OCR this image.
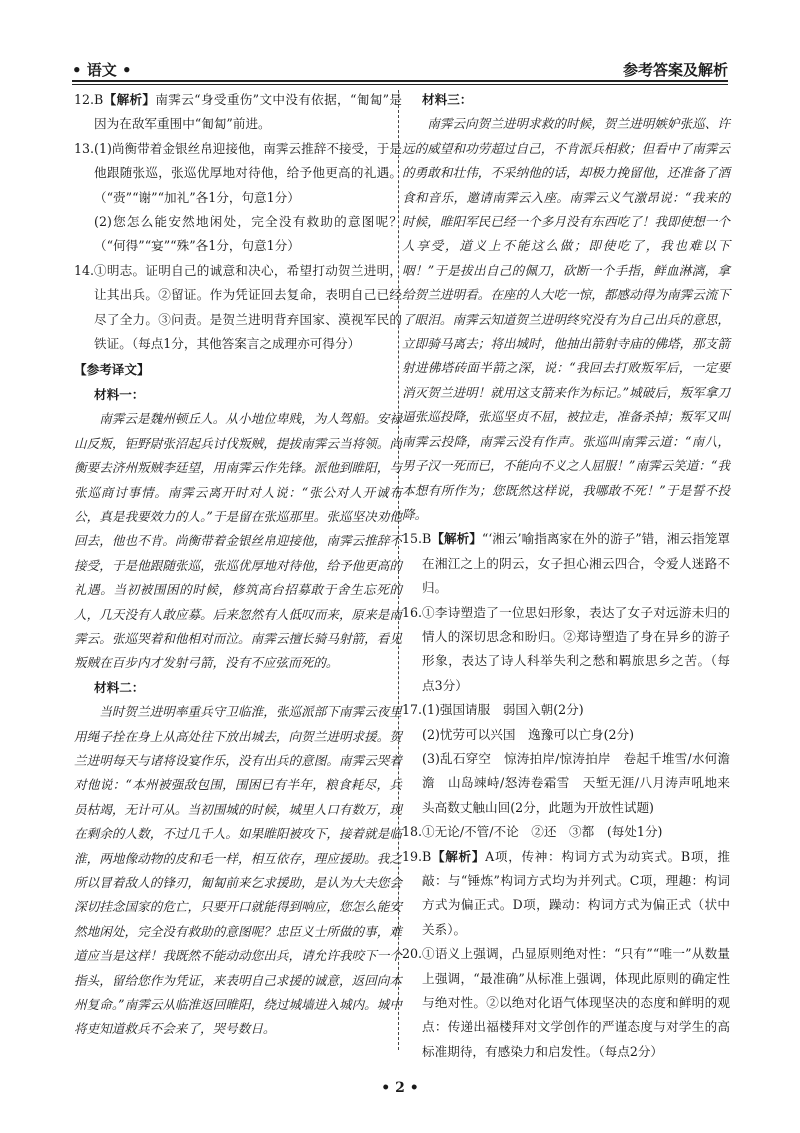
• 语文 •	参考答案及解析
12. B【解析】南霁云“身受重伤”文中没有依据，“匍匐”是因为在敌军重围中“匍匐”前进。
13. (1)尚衡带着金银丝帛迎接他，南霁云推辞不接受，于是他跟随张巡，张巡优厚地对待他，给予他更高的礼遇。（“赍”“谢”“加礼”各1分，句意1分）
(2)您怎么能安然地闲处，完全没有救助的意图呢？（“何得”“宴”“殊”各1分，句意1分）
14. ①明志。证明自己的诚意和决心，希望打动贺兰进明，让其出兵。②留证。作为凭证回去复命，表明自己已经尽了全力。③问责。是贺兰进明背弃国家、漠视军民的铁证。（每点1分，其他答案言之成理亦可得分）
【参考译文】
材料一：
南霁云是魏州顿丘人。从小地位卑贱，为人驾船。安禄山反叛，钜野尉张沼起兵讨伐叛贼，提拔南霁云当将领。尚衡要去济州叛贼李廷望，用南霁云作先锋。派他到睢阳，与张巡商讨事情。南霁云离开时对人说：“张公对人开诚布公，真是我要效力的人。”于是留在张巡那里。张巡坚决劝他回去，他也不肯。尚衡带着金银丝帛迎接他，南霁云推辞不接受，于是他跟随张巡，张巡优厚地对待他，给予他更高的礼遇。当初被围困的时候，修筑高台招募敢于舍生忘死的人，几天没有人敢应募。后来忽然有人低叹而来，原来是南霁云。张巡哭着和他相对而泣。南霁云擅长骑马射箭，看见叛贼在百步内才发射弓箭，没有不应弦而死的。
材料二：
当时贺兰进明率重兵守卫临淮，张巡派部下南霁云夜里用绳子拴在身上从高处往下放出城去，向贺兰进明求援。贺兰进明每天与诸将设宴作乐，没有出兵的意图。南霁云哭着对他说：“本州被强敌包围，围困已有半年，粮食耗尽，兵员枯竭，无计可从。当初围城的时候，城里人口有数万，现在剩余的人数，不过几千人。如果睢阳被攻下，接着就是临淮，两地像动物的皮和毛一样，相互依存，理应援助。我之所以冒着敌人的锋刃，匍匐前来乞求援助，是认为大夫您会深切挂念国家的危亡，只要开口就能得到响应，您怎么能安然地闲处，完全没有救助的意图呢？忠臣义士所做的事，难道应当是这样！我既然不能动动您出兵，请允许我咬下一个指头，留给您作为凭证，来表明自己求援的诚意，返回向本州复命。”南霁云从临淮返回睢阳，绕过城墙进入城内。城中将吏知道救兵不会来了，哭号数日。
材料三：
南霁云向贺兰进明求救的时候，贺兰进明嫉妒张巡、许远的威望和功劳超过自己，不肯派兵相救；但看中了南霁云的勇敢和壮伟，不采纳他的话，却极力挽留他，还准备了酒食和音乐，邀请南霁云入座。南霁云义气激昂说：“我来的时候，睢阳军民已经一个多月没有东西吃了！我即使想一个人享受，道义上不能这么做；即使吃了，我也难以下咽！”于是拔出自己的佩刀，砍断一个手指，鲜血淋漓，拿给贺兰进明看。在座的人大吃一惊，都感动得为南霁云流下了眼泪。南霁云知道贺兰进明终究没有为自己出兵的意思，立即骑马离去；将出城时，他抽出箭射寺庙的佛塔，那支箭射进佛塔砖面半箭之深，说：“我回去打败叛军后，一定要消灭贺兰进明！就用这支箭来作为标记。”城破后，叛军拿刀逼张巡投降，张巡坚贞不屈，被拉走，准备杀掉；叛军又叫南霁云投降，南霁云没有作声。张巡叫南霁云道：“南八，男子汉一死而已，不能向不义之人屈服！”南霁云笑道：“我本想有所作为；您既然这样说，我哪敢不死！”于是誓不投降。
15. B【解析】“‘湘云’喻指离家在外的游子”错，湘云指笼罩在湘江之上的阴云，女子担心湘云四合，令爱人迷路不归。
16. ①李诗塑造了一位思妇形象，表达了女子对远游未归的情人的深切思念和盼归。②郑诗塑造了身在异乡的游子形象，表达了诗人科举失利之愁和羁旅思乡之苦。（每点3分）
17. (1)强国请服　弱国入朝(2分)
(2)忧劳可以兴国　逸豫可以亡身(2分)
(3)乱石穿空　惊涛拍岸/惊涛拍岸　卷起千堆雪/水何澹澹　山岛竦峙/怒涛卷霜雪　天堑无涯/八月涛声吼地来　头高数丈触山回(2分，此题为开放性试题)
18. ①无论/不管/不论　②还　③都　(每处1分)
19. B【解析】A项，传神：构词方式为动宾式。B项，推敲：与“锤炼”构词方式均为并列式。C项，理趣：构词方式为偏正式。D项，躁动：构词方式为偏正式（状中关系）。
20. ①语义上强调，凸显原则绝对性：“只有”“唯一”从数量上强调，“最准确”从标准上强调，体现此原则的确定性与绝对性。②以绝对化语气体现坚决的态度和鲜明的观点：传递出福楼拜对文学创作的严谨态度与对学生的高标准期待，有感染力和启发性。（每点2分）
• 2 •
